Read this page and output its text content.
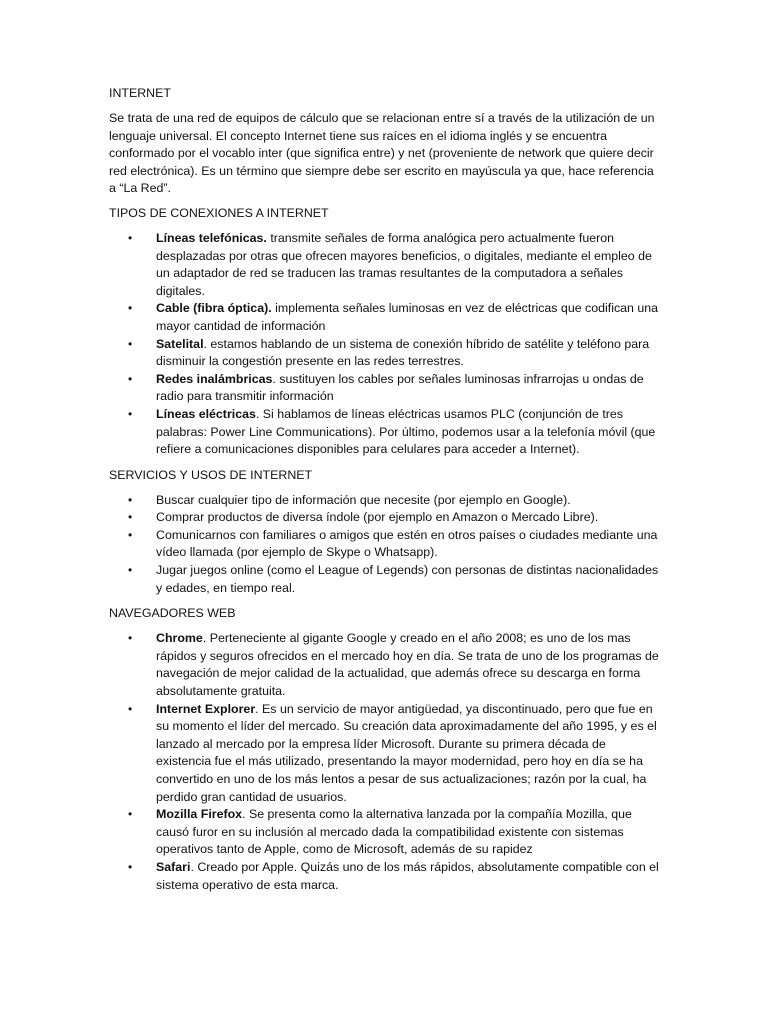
INTERNET

Se trata de una red de equipos de cálculo que se relacionan entre sí a través de la utilización de un lenguaje universal. El concepto Internet tiene sus raíces en el idioma inglés y se encuentra conformado por el vocablo inter (que significa entre) y net (proveniente de network que quiere decir red electrónica). Es un término que siempre debe ser escrito en mayúscula ya que, hace referencia a “La Red”.

TIPOS DE CONEXIONES A INTERNET
• Líneas telefónicas. transmite señales de forma analógica pero actualmente fueron desplazadas por otras que ofrecen mayores beneficios, o digitales, mediante el empleo de un adaptador de red se traducen las tramas resultantes de la computadora a señales digitales.
• Cable (fibra óptica). implementa señales luminosas en vez de eléctricas que codifican una mayor cantidad de información
• Satelital. estamos hablando de un sistema de conexión híbrido de satélite y teléfono para disminuir la congestión presente en las redes terrestres.
• Redes inalámbricas. sustituyen los cables por señales luminosas infrarrojas u ondas de radio para transmitir información
• Líneas eléctricas. Si hablamos de líneas eléctricas usamos PLC (conjunción de tres palabras: Power Line Communications). Por último, podemos usar a la telefonía móvil (que refiere a comunicaciones disponibles para celulares para acceder a Internet).
SERVICIOS Y USOS DE INTERNET
• Buscar cualquier tipo de información que necesite (por ejemplo en Google).
• Comprar productos de diversa índole (por ejemplo en Amazon o Mercado Libre).
• Comunicarnos con familiares o amigos que estén en otros países o ciudades mediante una vídeo llamada (por ejemplo de Skype o Whatsapp).
• Jugar juegos online (como el League of Legends) con personas de distintas nacionalidades y edades, en tiempo real.
NAVEGADORES WEB
• Chrome. Perteneciente al gigante Google y creado en el año 2008; es uno de los mas rápidos y seguros ofrecidos en el mercado hoy en día. Se trata de uno de los programas de navegación de mejor calidad de la actualidad, que además ofrece su descarga en forma absolutamente gratuita.
• Internet Explorer. Es un servicio de mayor antigüedad, ya discontinuado, pero que fue en su momento el líder del mercado. Su creación data aproximadamente del año 1995, y es el lanzado al mercado por la empresa líder Microsoft. Durante su primera década de existencia fue el más utilizado, presentando la mayor modernidad, pero hoy en día se ha convertido en uno de los más lentos a pesar de sus actualizaciones; razón por la cual, ha perdido gran cantidad de usuarios.
• Mozilla Firefox. Se presenta como la alternativa lanzada por la compañía Mozilla, que causó furor en su inclusión al mercado dada la compatibilidad existente con sistemas operativos tanto de Apple, como de Microsoft, además de su rapidez
• Safari. Creado por Apple. Quizás uno de los más rápidos, absolutamente compatible con el sistema operativo de esta marca.
